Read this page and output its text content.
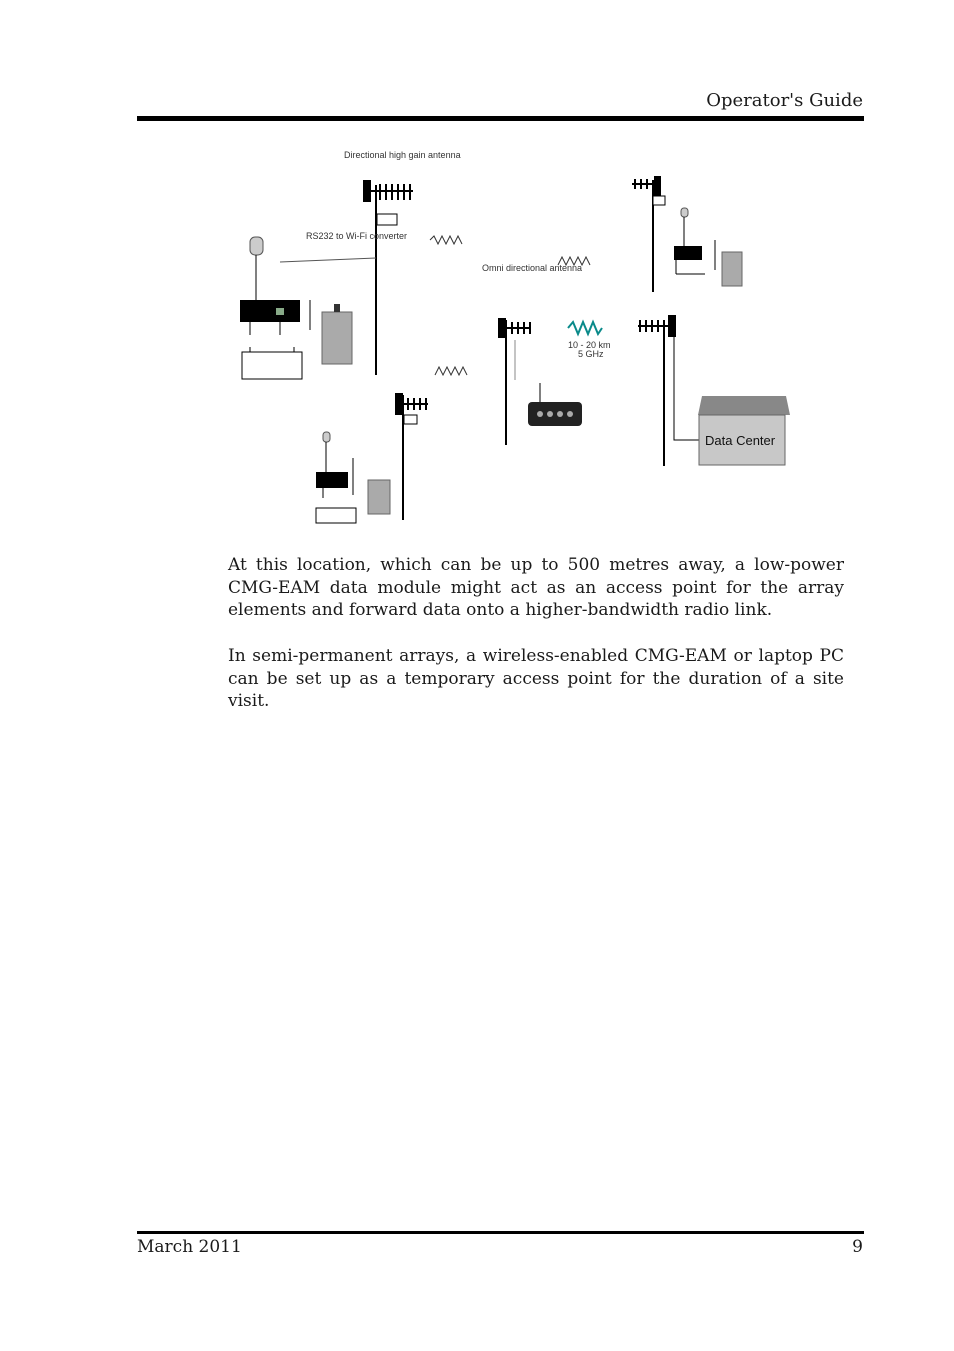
Operator's Guide
Directional high gain antenna
RS232 to Wi-Fi converter
Omni directional antenna
10 - 20 km
5 GHz
Data Center

At this location, which can be up to 500 metres away, a low-power CMG-EAM data module might act as an access point for the array elements and forward data onto a higher-bandwidth radio link.

In semi-permanent arrays, a wireless-enabled CMG-EAM or laptop PC can be set up as a temporary access point for the duration of a site visit.

March 2011	9
